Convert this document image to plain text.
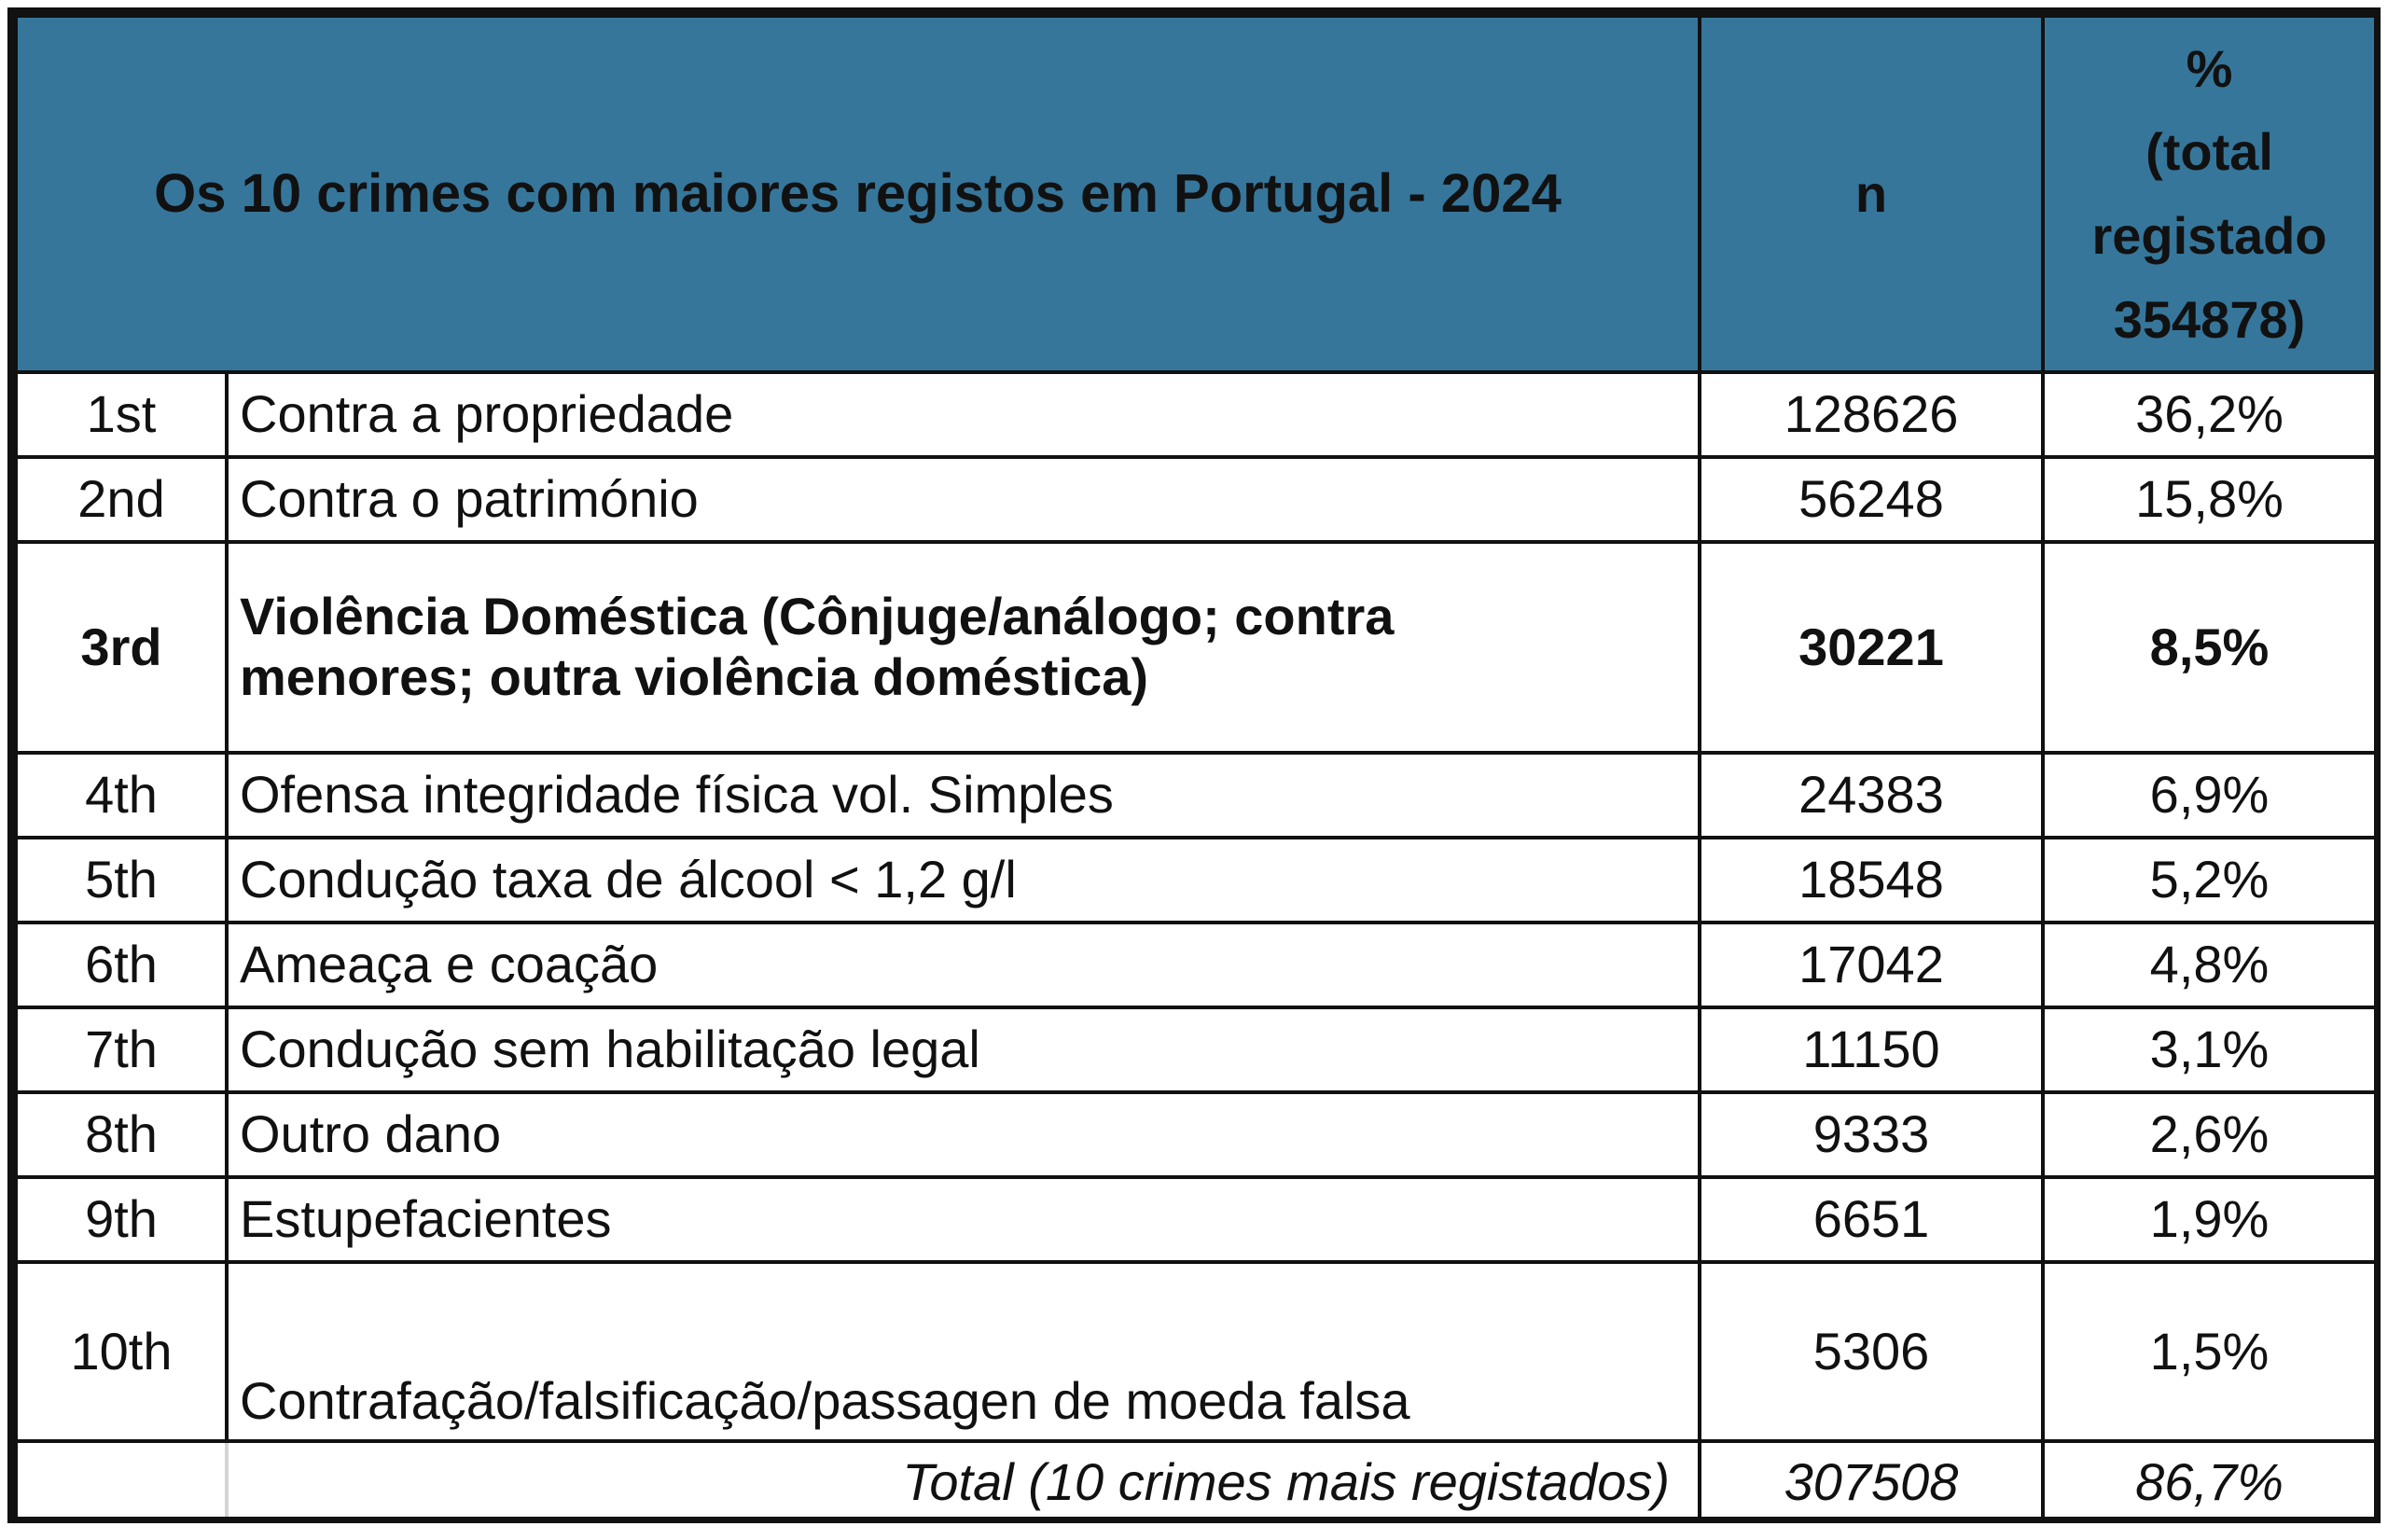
Os 10 crimes com maiores registos em Portugal - 2024		n	%
(total
registado
354878)

1st	Contra a propriedade	128626	36,2%
2nd	Contra o património	56248	15,8%
3rd	Violência Doméstica (Cônjuge/análogo; contra
menores; outra violência doméstica)	30221	8,5%
4th	Ofensa integridade física vol. Simples	24383	6,9%
5th	Condução taxa de álcool < 1,2 g/l	18548	5,2%
6th	Ameaça e coação	17042	4,8%
7th	Condução sem habilitação legal	11150	3,1%
8th	Outro dano	9333	2,6%
9th	Estupefacientes	6651	1,9%
10th	Contrafação/falsificação/passagen de moeda falsa	5306	1,5%
	Total (10 crimes mais registados)	307508	86,7%
